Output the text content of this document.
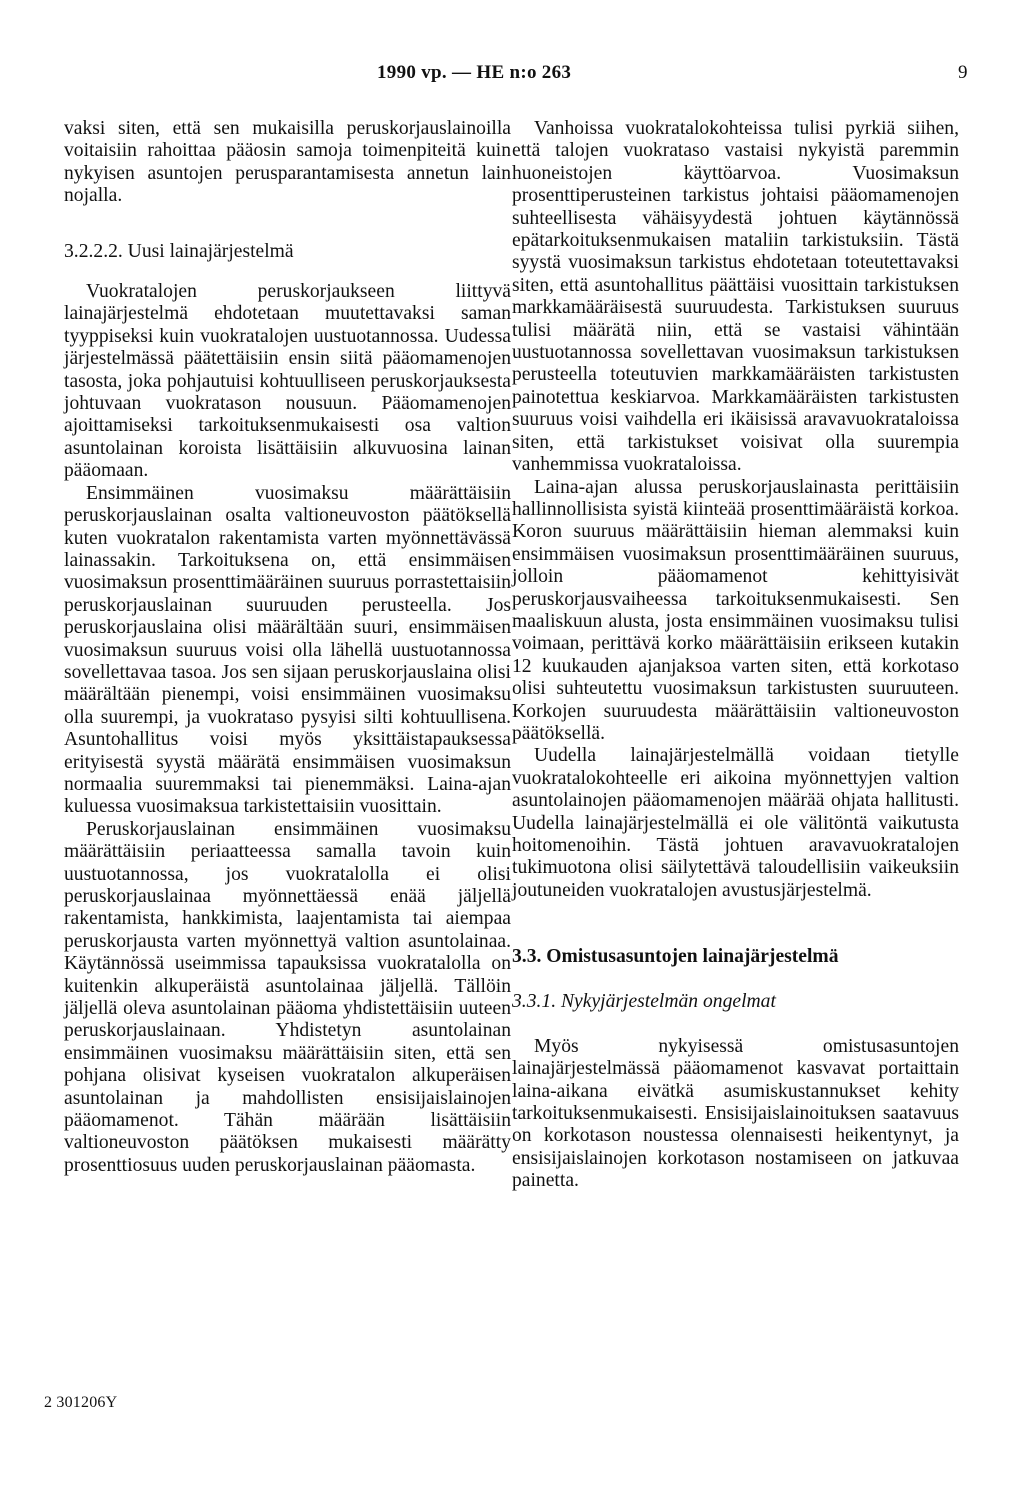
1990 vp. — HE n:o 263	9

vaksi siten, että sen mukaisilla peruskorjauslainoilla voitaisiin rahoittaa pääosin samoja toimenpiteitä kuin nykyisen asuntojen perusparantamisesta annetun lain nojalla.

3.2.2.2. Uusi lainajärjestelmä

Vuokratalojen peruskorjaukseen liittyvä lainajärjestelmä ehdotetaan muutettavaksi saman tyyppiseksi kuin vuokratalojen uustuotannossa. Uudessa järjestelmässä päätettäisiin ensin siitä pääomamenojen tasosta, joka pohjautuisi kohtuulliseen peruskorjauksesta johtuvaan vuokratason nousuun. Pääomamenojen ajoittamiseksi tarkoituksenmukaisesti osa valtion asuntolainan koroista lisättäisiin alkuvuosina lainan pääomaan.

Ensimmäinen vuosimaksu määrättäisiin peruskorjauslainan osalta valtioneuvoston päätöksellä kuten vuokratalon rakentamista varten myönnettävässä lainassakin. Tarkoituksena on, että ensimmäisen vuosimaksun prosenttimääräinen suuruus porrastettaisiin peruskorjauslainan suuruuden perusteella. Jos peruskorjauslaina olisi määrältään suuri, ensimmäisen vuosimaksun suuruus voisi olla lähellä uustuotannossa sovellettavaa tasoa. Jos sen sijaan peruskorjauslaina olisi määrältään pienempi, voisi ensimmäinen vuosimaksu olla suurempi, ja vuokrataso pysyisi silti kohtuullisena. Asuntohallitus voisi myös yksittäistapauksessa erityisestä syystä määrätä ensimmäisen vuosimaksun normaalia suuremmaksi tai pienemmäksi. Laina-ajan kuluessa vuosimaksua tarkistettaisiin vuosittain.

Peruskorjauslainan ensimmäinen vuosimaksu määrättäisiin periaatteessa samalla tavoin kuin uustuotannossa, jos vuokratalolla ei olisi peruskorjauslainaa myönnettäessä enää jäljellä rakentamista, hankkimista, laajentamista tai aiempaa peruskorjausta varten myönnettyä valtion asuntolainaa. Käytännössä useimmissa tapauksissa vuokratalolla on kuitenkin alkuperäistä asuntolainaa jäljellä. Tällöin jäljellä oleva asuntolainan pääoma yhdistettäisiin uuteen peruskorjauslainaan. Yhdistetyn asuntolainan ensimmäinen vuosimaksu määrättäisiin siten, että sen pohjana olisivat kyseisen vuokratalon alkuperäisen asuntolainan ja mahdollisten ensisijaislainojen pääomamenot. Tähän määrään lisättäisiin valtioneuvoston päätöksen mukaisesti määrätty prosenttiosuus uuden peruskorjauslainan pääomasta.

Vanhoissa vuokratalokohteissa tulisi pyrkiä siihen, että talojen vuokrataso vastaisi nykyistä paremmin huoneistojen käyttöarvoa. Vuosimaksun prosenttiperusteinen tarkistus johtaisi pääomamenojen suhteellisesta vähäisyydestä johtuen käytännössä epätarkoituksenmukaisen mataliin tarkistuksiin. Tästä syystä vuosimaksun tarkistus ehdotetaan toteutettavaksi siten, että asuntohallitus päättäisi vuosittain tarkistuksen markkamääräisestä suuruudesta. Tarkistuksen suuruus tulisi määrätä niin, että se vastaisi vähintään uustuotannossa sovellettavan vuosimaksun tarkistuksen perusteella toteutuvien markkamääräisten tarkistusten painotettua keskiarvoa. Markkamääräisten tarkistusten suuruus voisi vaihdella eri ikäisissä aravavuokrataloissa siten, että tarkistukset voisivat olla suurempia vanhemmissa vuokrataloissa.

Laina-ajan alussa peruskorjauslainasta perittäisiin hallinnollisista syistä kiinteää prosenttimääräistä korkoa. Koron suuruus määrättäisiin hieman alemmaksi kuin ensimmäisen vuosimaksun prosenttimääräinen suuruus, jolloin pääomamenot kehittyisivät peruskorjausvaiheessa tarkoituksenmukaisesti. Sen maaliskuun alusta, josta ensimmäinen vuosimaksu tulisi voimaan, perittävä korko määrättäisiin erikseen kutakin 12 kuukauden ajanjaksoa varten siten, että korkotaso olisi suhteutettu vuosimaksun tarkistusten suuruuteen. Korkojen suuruudesta määrättäisiin valtioneuvoston päätöksellä.

Uudella lainajärjestelmällä voidaan tietylle vuokratalokohteelle eri aikoina myönnettyjen valtion asuntolainojen pääomamenojen määrää ohjata hallitusti. Uudella lainajärjestelmällä ei ole välitöntä vaikutusta hoitomenoihin. Tästä johtuen aravavuokratalojen tukimuotona olisi säilytettävä taloudellisiin vaikeuksiin joutuneiden vuokratalojen avustusjärjestelmä.

3.3. Omistusasuntojen lainajärjestelmä

3.3.1. Nykyjärjestelmän ongelmat

Myös nykyisessä omistusasuntojen lainajärjestelmässä pääomamenot kasvavat portaittain laina-aikana eivätkä asumiskustannukset kehity tarkoituksenmukaisesti. Ensisijaislainoituksen saatavuus on korkotason noustessa olennaisesti heikentynyt, ja ensisijaislainojen korkotason nostamiseen on jatkuvaa painetta.

2 301206Y
